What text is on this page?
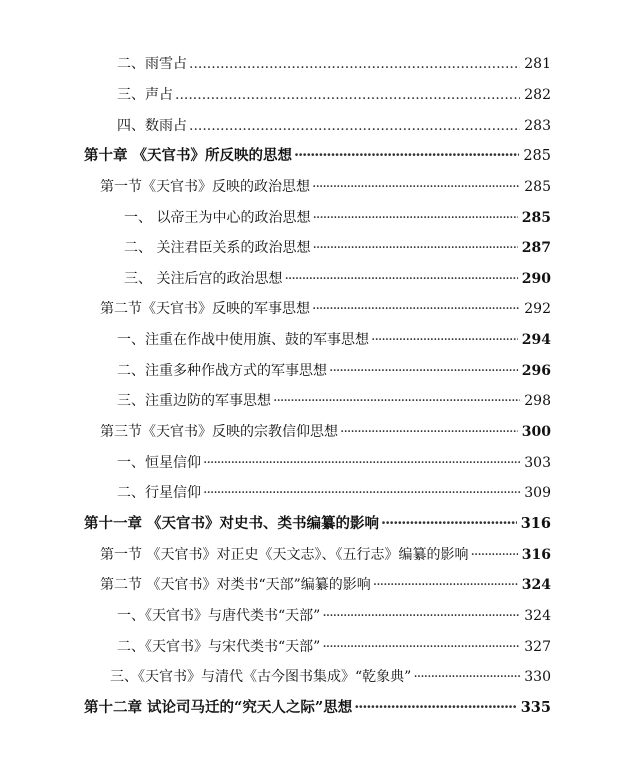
二、雨雪占 .....	281
三、声占 .....	282
四、数雨占 .....	283
第十章 《天官书》所反映的思想 ·····	285
第一节《天官书》反映的政治思想 ·····	285
一、 以帝王为中心的政治思想 ·····	285
二、 关注君臣关系的政治思想 ·····	287
三、 关注后宫的政治思想 ·····	290
第二节《天官书》反映的军事思想 ·····	292
一、注重在作战中使用旗、鼓的军事思想 ·····	294
二、注重多种作战方式的军事思想 ·····	296
三、注重边防的军事思想 ·····	298
第三节《天官书》反映的宗教信仰思想 ·····	300
一、恒星信仰 ·····	303
二、行星信仰 ·····	309
第十一章 《天官书》对史书、类书编纂的影响 ·····	316
第一节 《天官书》对正史《天文志》、《五行志》编纂的影响 ·····	316
第二节 《天官书》对类书“天部”编纂的影响 ·····	324
一、《天官书》与唐代类书“天部” ·····	324
二、《天官书》与宋代类书“天部” ·····	327
三、《天官书》与清代《古今图书集成》“乾象典” ·····	330
第十二章 试论司马迁的“究天人之际”思想 ·····	335
